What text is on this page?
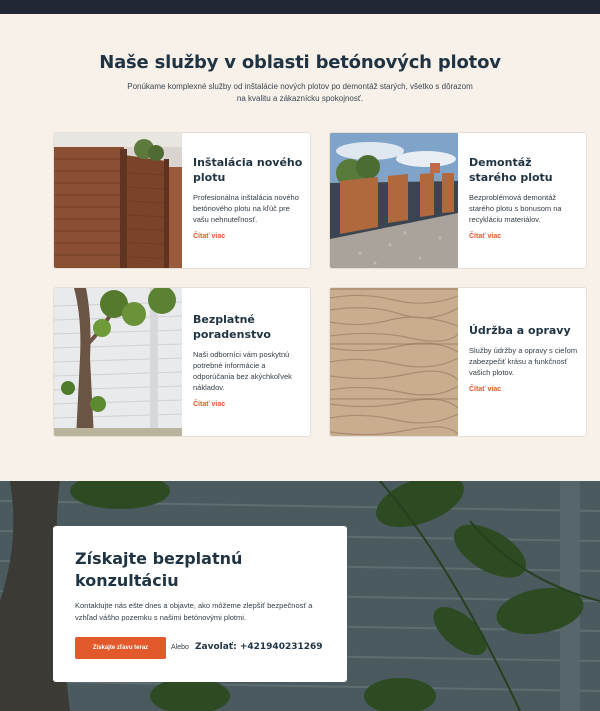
Naše služby v oblasti betónových plotov

Ponúkame komplexné služby od inštalácie nových plotov po demontáž starých, všetko s dôrazom na kvalitu a zákaznícku spokojnosť.

Inštalácia nového plotu
Profesionálna inštalácia nového betónového plotu na kľúč pre vašu nehnuteľnosť.
Čítať viac
Demontáž starého plotu
Bezproblémová demontáž starého plotu s bonusom na recykláciu materiálov.
Čítať viac
Bezplatné poradenstvo
Naši odborníci vám poskytnú potrebné informácie a odporúčania bez akýchkoľvek nákladov.
Čítať viac
Údržba a opravy
Služby údržby a opravy s cieľom zabezpečiť krásu a funkčnosť vašich plotov.
Čítať viac
Získajte bezplatnú konzultáciu

Kontaktujte nás ešte dnes a objavte, ako môžeme zlepšiť bezpečnosť a vzhľad vášho pozemku s našimi betónovými plotmi.

Získajte zľavu teraz	Alebo Zavolať: +421940231269
